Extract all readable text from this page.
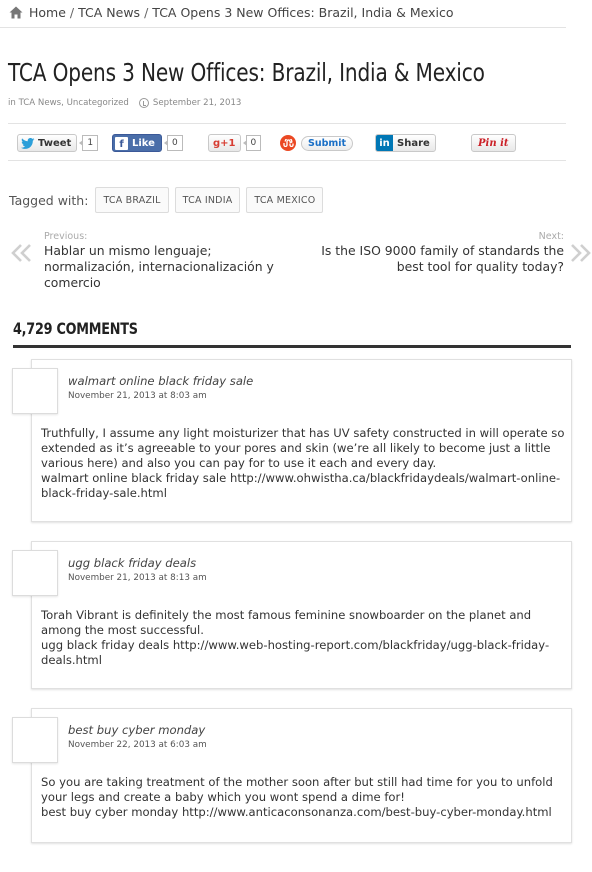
Home / TCA News / TCA Opens 3 New Offices: Brazil, India & Mexico
TCA Opens 3 New Offices: Brazil, India & Mexico
in TCA News, Uncategorized	September 21, 2013
Tweet	1	f Like	0	g +1	0	Submit	in Share	Pin it
Tagged with:	TCA BRAZIL	TCA INDIA	TCA MEXICO
Previous:
Hablar un mismo lenguaje; normalización, internacionalización y comercio
Next:
Is the ISO 9000 family of standards the best tool for quality today?
4,729 COMMENTS
walmart online black friday sale
November 21, 2013 at 8:03 am
Truthfully, I assume any light moisturizer that has UV safety constructed in will operate so extended as it’s agreeable to your pores and skin (we’re all likely to become just a little various here) and also you can pay for to use it each and every day.
walmart online black friday sale http://www.ohwistha.ca/blackfridaydeals/walmart-online-black-friday-sale.html
ugg black friday deals
November 21, 2013 at 8:13 am
Torah Vibrant is definitely the most famous feminine snowboarder on the planet and among the most successful.
ugg black friday deals http://www.web-hosting-report.com/blackfriday/ugg-black-friday-deals.html
best buy cyber monday
November 22, 2013 at 6:03 am
So you are taking treatment of the mother soon after but still had time for you to unfold your legs and create a baby which you wont spend a dime for!
best buy cyber monday http://www.anticaconsonanza.com/best-buy-cyber-monday.html
